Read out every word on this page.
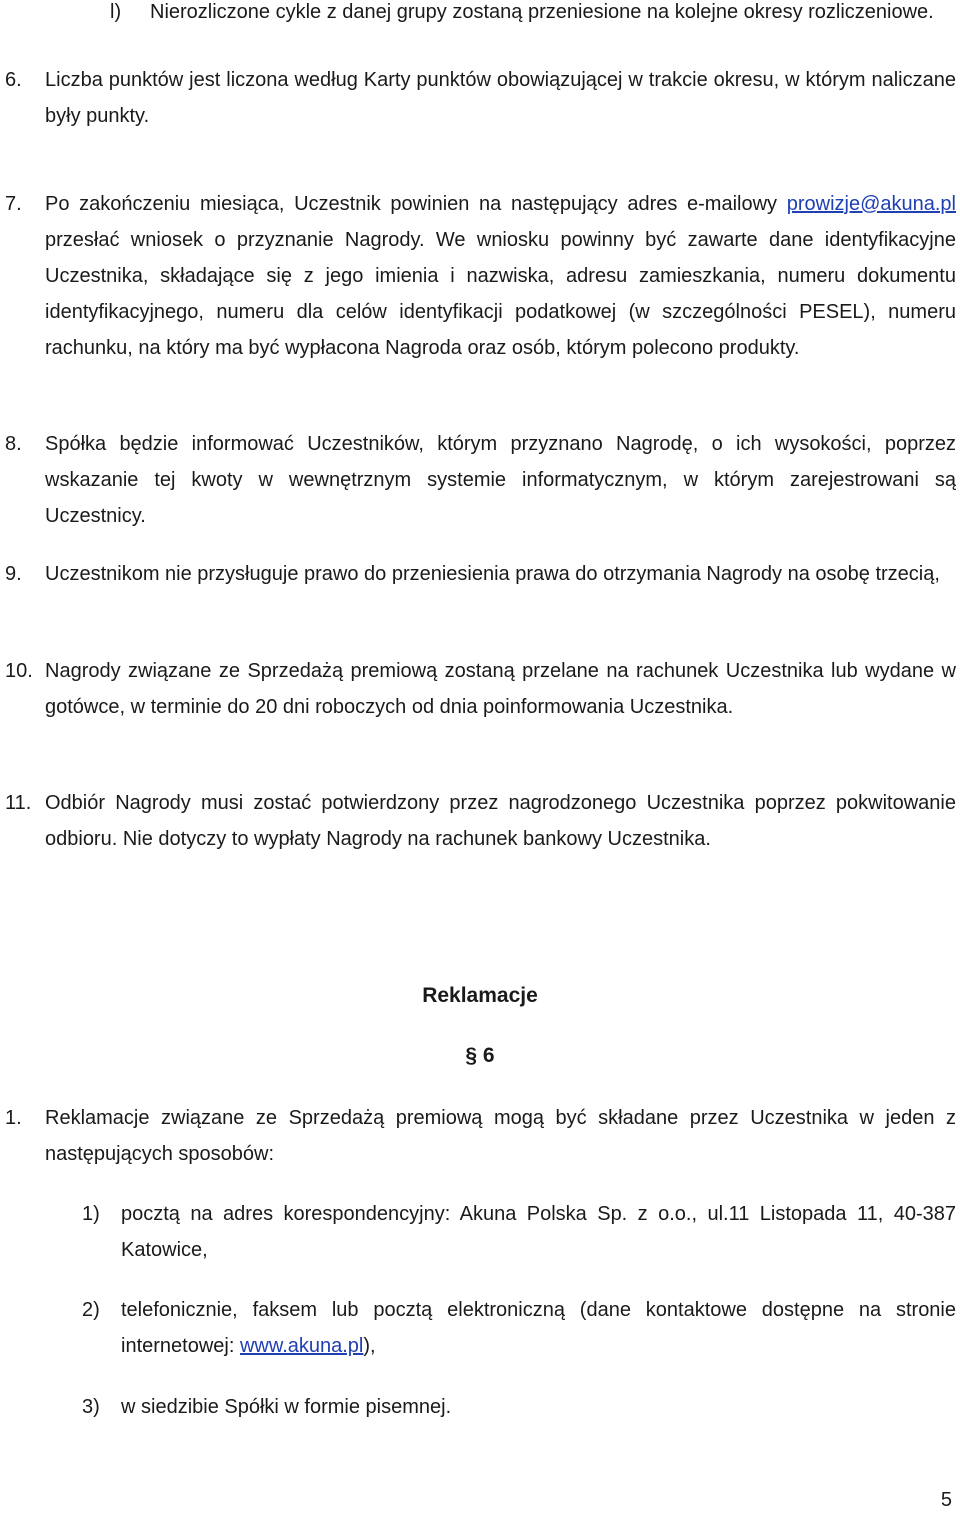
l) Nierozliczone cykle z danej grupy zostaną przeniesione na kolejne okresy rozliczeniowe.
6. Liczba punktów jest liczona według Karty punktów obowiązującej w trakcie okresu, w którym naliczane były punkty.
7. Po zakończeniu miesiąca, Uczestnik powinien na następujący adres e-mailowy prowizje@akuna.pl przesłać wniosek o przyznanie Nagrody. We wniosku powinny być zawarte dane identyfikacyjne Uczestnika, składające się z jego imienia i nazwiska, adresu zamieszkania, numeru dokumentu identyfikacyjnego, numeru dla celów identyfikacji podatkowej (w szczególności PESEL), numeru rachunku, na który ma być wypłacona Nagroda oraz osób, którym polecono produkty.
8. Spółka będzie informować Uczestników, którym przyznano Nagrodę, o ich wysokości, poprzez wskazanie tej kwoty w wewnętrznym systemie informatycznym, w którym zarejestrowani są Uczestnicy.
9. Uczestnikom nie przysługuje prawo do przeniesienia prawa do otrzymania Nagrody na osobę trzecią,
10. Nagrody związane ze Sprzedażą premiową zostaną przelane na rachunek Uczestnika lub wydane w gotówce, w terminie do 20 dni roboczych od dnia poinformowania Uczestnika.
11. Odbiór Nagrody musi zostać potwierdzony przez nagrodzonego Uczestnika poprzez pokwitowanie odbioru. Nie dotyczy to wypłaty Nagrody na rachunek bankowy Uczestnika.
Reklamacje
§ 6
1. Reklamacje związane ze Sprzedażą premiową mogą być składane przez Uczestnika w jeden z następujących sposobów:
1) pocztą na adres korespondencyjny: Akuna Polska Sp. z o.o., ul.11 Listopada 11, 40-387 Katowice,
2) telefonicznie, faksem lub pocztą elektroniczną (dane kontaktowe dostępne na stronie internetowej: www.akuna.pl),
3) w siedzibie Spółki w formie pisemnej.
5
